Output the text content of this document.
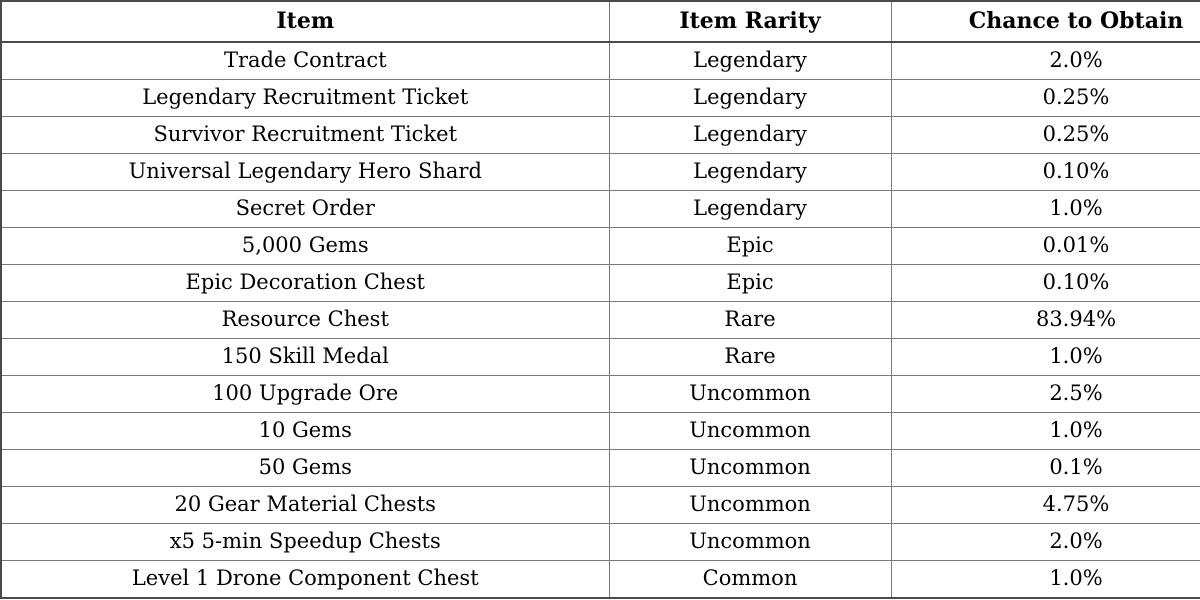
Item	Item Rarity	Chance to Obtain
Trade Contract	Legendary	2.0%
Legendary Recruitment Ticket	Legendary	0.25%
Survivor Recruitment Ticket	Legendary	0.25%
Universal Legendary Hero Shard	Legendary	0.10%
Secret Order	Legendary	1.0%
5,000 Gems	Epic	0.01%
Epic Decoration Chest	Epic	0.10%
Resource Chest	Rare	83.94%
150 Skill Medal	Rare	1.0%
100 Upgrade Ore	Uncommon	2.5%
10 Gems	Uncommon	1.0%
50 Gems	Uncommon	0.1%
20 Gear Material Chests	Uncommon	4.75%
x5 5-min Speedup Chests	Uncommon	2.0%
Level 1 Drone Component Chest	Common	1.0%
